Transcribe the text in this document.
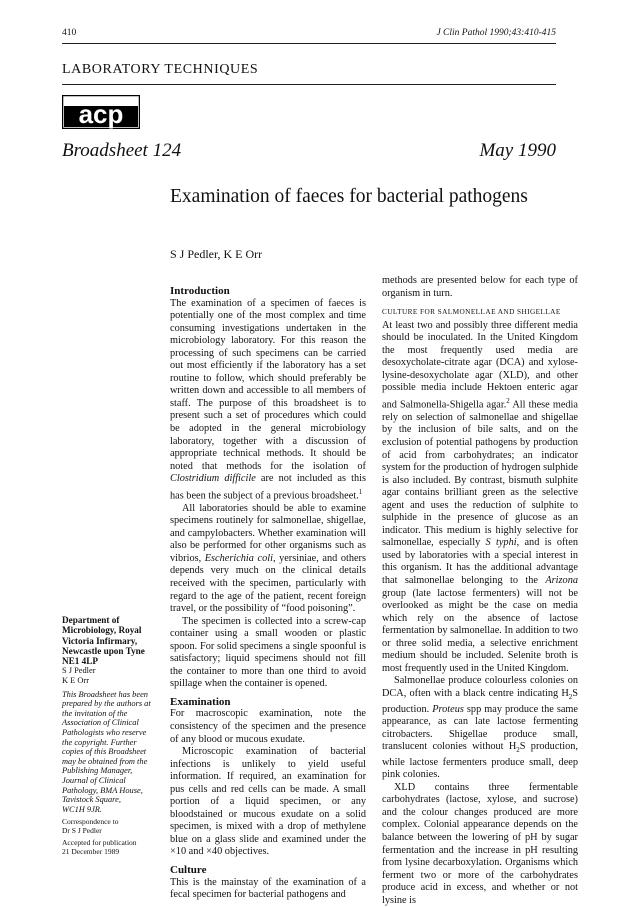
410	J Clin Pathol 1990;43:410-415
LABORATORY TECHNIQUES
acp
Broadsheet 124	May 1990
Examination of faeces for bacterial pathogens
S J Pedler, K E Orr
Introduction

The examination of a specimen of faeces is potentially one of the most complex and time consuming investigations undertaken in the microbiology laboratory. For this reason the processing of such specimens can be carried out most efficiently if the laboratory has a set routine to follow, which should preferably be written down and accessible to all members of staff. The purpose of this broadsheet is to present such a set of procedures which could be adopted in the general microbiology laboratory, together with a discussion of appropriate technical methods. It should be noted that methods for the isolation of Clostridium difficile are not included as this has been the subject of a previous broadsheet.$^1$

All laboratories should be able to examine specimens routinely for salmonellae, shigellae, and campylobacters. Whether examination will also be performed for other organisms such as vibrios, Escherichia coli, yersiniae, and others depends very much on the clinical details received with the specimen, particularly with regard to the age of the patient, recent foreign travel, or the possibility of “food poisoning”.

The specimen is collected into a screw-cap container using a small wooden or plastic spoon. For solid specimens a single spoonful is satisfactory; liquid specimens should not fill the container to more than one third to avoid spillage when the container is opened.

Examination

For macroscopic examination, note the consistency of the specimen and the presence of any blood or mucous exudate.

Microscopic examination of bacterial infections is unlikely to yield useful information. If required, an examination for pus cells and red cells can be made. A small portion of a liquid specimen, or any bloodstained or mucous exudate on a solid specimen, is mixed with a drop of methylene blue on a glass slide and examined under the ×10 and ×40 objectives.

Culture

This is the mainstay of the examination of a fecal specimen for bacterial pathogens and

methods are presented below for each type of organism in turn.

CULTURE FOR SALMONELLAE AND SHIGELLAE

At least two and possibly three different media should be inoculated. In the United Kingdom the most frequently used media are desoxycholate-citrate agar (DCA) and xylose-lysine-desoxycholate agar (XLD), and other possible media include Hektoen enteric agar and Salmonella-Shigella agar.$^2$ All these media rely on selection of salmonellae and shigellae by the inclusion of bile salts, and on the exclusion of potential pathogens by production of acid from carbohydrates; an indicator system for the production of hydrogen sulphide is also included. By contrast, bismuth sulphite agar contains brilliant green as the selective agent and uses the reduction of sulphite to sulphide in the presence of glucose as an indicator. This medium is highly selective for salmonellae, especially S typhi, and is often used by laboratories with a special interest in this organism. It has the additional advantage that salmonellae belonging to the Arizona group (late lactose fermenters) will not be overlooked as might be the case on media which rely on the absence of lactose fermentation by salmonellae. In addition to two or three solid media, a selective enrichment medium should be included. Selenite broth is most frequently used in the United Kingdom.

Salmonellae produce colourless colonies on DCA, often with a black centre indicating $H_2S$ production. Proteus spp may produce the same appearance, as can late lactose fermenting citrobacters. Shigellae produce small, translucent colonies without $H_2S$ production, while lactose fermenters produce small, deep pink colonies.

XLD contains three fermentable carbohydrates (lactose, xylose, and sucrose) and the colour changes produced are more complex. Colonial appearance depends on the balance between the lowering of pH by sugar fermentation and the increase in pH resulting from lysine decarboxylation. Organisms which ferment two or more of the carbohydrates produce acid in excess, and whether or not lysine is

Department of
Microbiology, Royal
Victoria Infirmary,
Newcastle upon Tyne
NE1 4LP
S J Pedler
K E Orr
This Broadsheet has been
prepared by the authors at
the invitation of the
Association of Clinical
Pathologists who reserve
the copyright. Further
copies of this Broadsheet
may be obtained from the
Publishing Manager,
Journal of Clinical
Pathology, BMA House,
Tavistock Square,
WC1H 9JR.
Correspondence to
Dr S J Pedler
Accepted for publication
21 December 1989
